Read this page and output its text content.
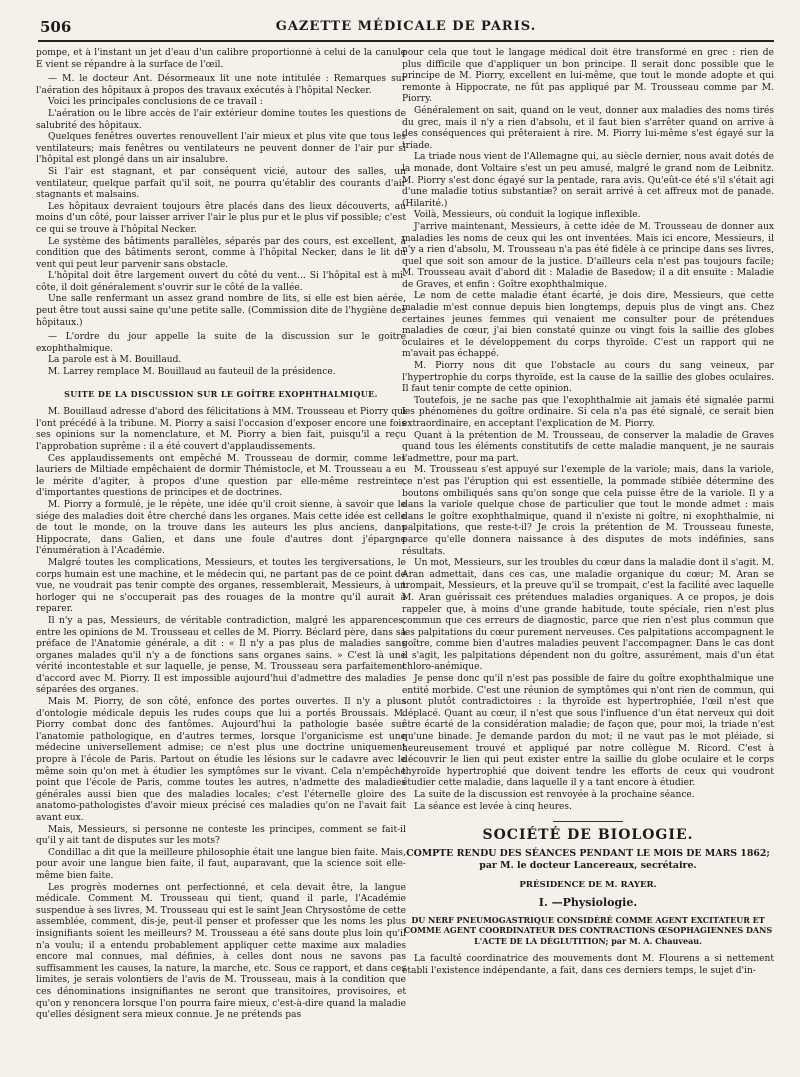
506	GAZETTE MÉDICALE DE PARIS.

pompe, et à l'instant un jet d'eau d'un calibre proportionné à celui de la canule E vient se répandre à la surface de l'œil.

— M. le docteur Ant. Désormeaux lit une note intitulée : Remarques sur l'aération des hôpitaux à propos des travaux exécutés à l'hôpital Necker.

Voici les principales conclusions de ce travail :

L'aération ou le libre accès de l'air extérieur domine toutes les questions de salubrité des hôpitaux.

Quelques fenêtres ouvertes renouvellent l'air mieux et plus vite que tous les ventilateurs; mais fenêtres ou ventilateurs ne peuvent donner de l'air pur si l'hôpital est plongé dans un air insalubre.

Si l'air est stagnant, et par conséquent vicié, autour des salles, un ventilateur, quelque parfait qu'il soit, ne pourra qu'établir des courants d'air stagnants et malsains.

Les hôpitaux devraient toujours être placés dans des lieux découverts, au moins d'un côté, pour laisser arriver l'air le plus pur et le plus vif possible; c'est ce qui se trouve à l'hôpital Necker.

Le système des bâtiments parallèles, séparés par des cours, est excellent, à condition que des bâtiments seront, comme à l'hôpital Necker, dans le lit du vent qui peut leur parvenir sans obstacle.

L'hôpital doit être largement ouvert du côté du vent... Si l'hôpital est à mi-côte, il doit généralement s'ouvrir sur le côté de la vallée.

Une salle renfermant un assez grand nombre de lits, si elle est bien aérée, peut être tout aussi saine qu'une petite salle. (Commission dite de l'hygiène des hôpitaux.)

— L'ordre du jour appelle la suite de la discussion sur le goitre exophthalmique.

La parole est à M. Bouillaud.

M. Larrey remplace M. Bouillaud au fauteuil de la présidence.

SUITE DE LA DISCUSSION SUR LE GOÎTRE EXOPHTHALMIQUE.

M. Bouillaud adresse d'abord des félicitations à MM. Trousseau et Piorry qui l'ont précédé à la tribune. M. Piorry a saisi l'occasion d'exposer encore une fois ses opinions sur la nomenclature, et M. Piorry a bien fait, puisqu'il a reçu l'approbation suprême : il a été couvert d'applaudissements.

Ces applaudissements ont empêché M. Trousseau de dormir, comme les lauriers de Miltiade empêchaient de dormir Thémistocle, et M. Trousseau a eu le mérite d'agiter, à propos d'une question par elle-même restreinte, d'importantes questions de principes et de doctrines.

M. Piorry a formulé, je le répète, une idée qu'il croit sienne, à savoir que le siége des maladies doit être cherché dans les organes. Mais cette idée est celle de tout le monde, on la trouve dans les auteurs les plus anciens, dans Hippocrate, dans Galien, et dans une foule d'autres dont j'épargne l'énumération à l'Académie.

Malgré toutes les complications, Messieurs, et toutes les tergiversations, le corps humain est une machine, et le médecin qui, ne partant pas de ce point de vue, ne voudrait pas tenir compte des organes, ressemblerait, Messieurs, à un horloger qui ne s'occuperait pas des rouages de la montre qu'il aurait à reparer.

Il n'y a pas, Messieurs, de véritable contradiction, malgré les apparences, entre les opinions de M. Trousseau et celles de M. Piorry. Béclard père, dans sa préface de l'Anatomie générale, a dit : « Il n'y a pas plus de maladies sans organes malades qu'il n'y a de fonctions sans organes sains. » C'est là une vérité incontestable et sur laquelle, je pense, M. Trousseau sera parfaitement d'accord avec M. Piorry. Il est impossible aujourd'hui d'admettre des maladies séparées des organes.

Mais M. Piorry, de son côté, enfonce des portes ouvertes. Il n'y a plus d'ontologie médicale depuis les rudes coups que lui a portés Broussais. M. Piorry combat donc des fantômes. Aujourd'hui la pathologie basée sur l'anatomie pathologique, en d'autres termes, lorsque l'organicisme est une médecine universellement admise; ce n'est plus une doctrine uniquement propre à l'école de Paris. Partout on étudie les lésions sur le cadavre avec le même soin qu'on met à étudier les symptômes sur le vivant. Cela n'empêche point que l'école de Paris, comme toutes les autres, n'admette des maladies générales aussi bien que des maladies locales; c'est l'éternelle gloire des anatomo-pathologistes d'avoir mieux précisé ces maladies qu'on ne l'avait fait avant eux.

Mais, Messieurs, si personne ne conteste les principes, comment se fait-il qu'il y ait tant de disputes sur les mots?

Condillac a dit que la meilleure philosophie était une langue bien faite. Mais, pour avoir une langue bien faite, il faut, auparavant, que la science soit elle-même bien faite.

Les progrès modernes ont perfectionné, et cela devait être, la langue médicale. Comment M. Trousseau qui tient, quand il parle, l'Académie suspendue à ses livres, M. Trousseau qui est le saint Jean Chrysostôme de cette assemblée, comment, dis-je, peut-il penser et professer que les noms les plus insignifiants soient les meilleurs? M. Trousseau a été sans doute plus loin qu'il n'a voulu; il a entendu probablement appliquer cette maxime aux maladies encore mal connues, mal définies, à celles dont nous ne savons pas suffisamment les causes, la nature, la marche, etc. Sous ce rapport, et dans ces limites, je serais volontiers de l'avis de M. Trousseau, mais à la condition que ces dénominations insignifiantes ne seront que transitoires, provisoires, et qu'on y renoncera lorsque l'on pourra faire mieux, c'est-à-dire quand la maladie qu'elles désignent sera mieux connue. Je ne prétends pas

pour cela que tout le langage médical doit être transformé en grec : rien de plus difficile que d'appliquer un bon principe. Il serait donc possible que le principe de M. Piorry, excellent en lui-même, que tout le monde adopte et qui remonte à Hippocrate, ne fût pas appliqué par M. Trousseau comme par M. Piorry.

Généralement on sait, quand on le veut, donner aux maladies des noms tirés du grec, mais il n'y a rien d'absolu, et il faut bien s'arrêter quand on arrive à des conséquences qui prêteraient à rire. M. Piorry lui-même s'est égayé sur la triade.

La triade nous vient de l'Allemagne qui, au siècle dernier, nous avait dotés de la monade, dont Voltaire s'est un peu amusé, malgré le grand nom de Leibnitz. M. Piorry s'est donc égayé sur la pentade, rara avis. Qu'eût-ce été s'il s'était agi d'une maladie totius substantiæ? on serait arrivé à cet affreux mot de panade. (Hilarité.)

Voilà, Messieurs, où conduit la logique inflexible.

J'arrive maintenant, Messieurs, à cette idée de M. Trousseau de donner aux maladies les noms de ceux qui les ont inventées. Mais ici encore, Messieurs, il n'y a rien d'absolu, M. Trousseau n'a pas été fidèle à ce principe dans ses livres, quel que soit son amour de la justice. D'ailleurs cela n'est pas toujours facile; M. Trousseau avait d'abord dit : Maladie de Basedow; il a dit ensuite : Maladie de Graves, et enfin : Goître exophthalmique.

Le nom de cette maladie étant écarté, je dois dire, Messieurs, que cette maladie m'est connue depuis bien longtemps, depuis plus de vingt ans. Chez certaines jeunes femmes qui venaient me consulter pour de prétendues maladies de cœur, j'ai bien constaté quinze ou vingt fois la saillie des globes oculaires et le développement du corps thyroïde. C'est un rapport qui ne m'avait pas échappé.

M. Piorry nous dit que l'obstacle au cours du sang veineux, par l'hypertrophie du corps thyroïde, est la cause de la saillie des globes oculaires. Il faut tenir compte de cette opinion.

Toutefois, je ne sache pas que l'exophthalmie ait jamais été signalée parmi les phénomènes du goître ordinaire. Si cela n'a pas été signalé, ce serait bien extraordinaire, en acceptant l'explication de M. Piorry.

Quant à la prétention de M. Trousseau, de conserver la maladie de Graves quand tous les éléments constitutifs de cette maladie manquent, je ne saurais l'admettre, pour ma part.

M. Trousseau s'est appuyé sur l'exemple de la variole; mais, dans la variole, ce n'est pas l'éruption qui est essentielle, la pommade stibiée détermine des boutons ombiliqués sans qu'on songe que cela puisse être de la variole. Il y a dans la variole quelque chose de particulier que tout le monde admet : mais dans le goître exophthalmique, quand il n'existe ni goître, ni exophthalmie, ni palpitations, que reste-t-il? Je crois la prétention de M. Trousseau funeste, parce qu'elle donnera naissance à des disputes de mots indéfinies, sans résultats.

Un mot, Messieurs, sur les troubles du cœur dans la maladie dont il s'agit. M. Aran admettait, dans ces cas, une maladie organique du cœur; M. Aran se trompait, Messieurs, et la preuve qu'il se trompait, c'est la facilité avec laquelle M. Aran guérissait ces prétendues maladies organiques. A ce propos, je dois rappeler que, à moins d'une grande habitude, toute spéciale, rien n'est plus commun que ces erreurs de diagnostic, parce que rien n'est plus commun que les palpitations du cœur purement nerveuses. Ces palpitations accompagnent le goître, comme bien d'autres maladies peuvent l'accompagner. Dans le cas dont il s'agit, les palpitations dépendent non du goître, assurément, mais d'un état chloro-anémique.

Je pense donc qu'il n'est pas possible de faire du goître exophthalmique une entité morbide. C'est une réunion de symptômes qui n'ont rien de commun, qui sont plutôt contradictoires : la thyroïde est hypertrophiée, l'œil n'est que déplacé. Quant au cœur, il n'est que sous l'influence d'un état nerveux qui doit être écarté de la considération maladie; de façon que, pour moi, la triade n'est qu'une binade. Je demande pardon du mot; il ne vaut pas le mot pléiade, si heureusement trouvé et appliqué par notre collègue M. Ricord. C'est à découvrir le lien qui peut exister entre la saillie du globe oculaire et le corps thyroïde hypertrophié que doivent tendre les efforts de ceux qui voudront étudier cette maladie, dans laquelle il y a tant encore à étudier.

La suite de la discussion est renvoyée à la prochaine séance.

La séance est levée à cinq heures.

SOCIÉTÉ DE BIOLOGIE.
COMPTE RENDU DES SÉANCES PENDANT LE MOIS DE MARS 1862;
par M. le docteur Lancereaux, secrétaire.
PRÉSIDENCE DE M. RAYER.
I. —Physiologie.
DU NERF PNEUMOGASTRIQUE CONSIDÉRÉ COMME AGENT EXCITATEUR ET COMME AGENT COORDINATEUR DES CONTRACTIONS ŒSOPHAGIENNES DANS L'ACTE DE LA DÉGLUTITION; par M. A. Chauveau.

La faculté coordinatrice des mouvements dont M. Flourens a si nettement établi l'existence indépendante, a fait, dans ces derniers temps, le sujet d'in-
